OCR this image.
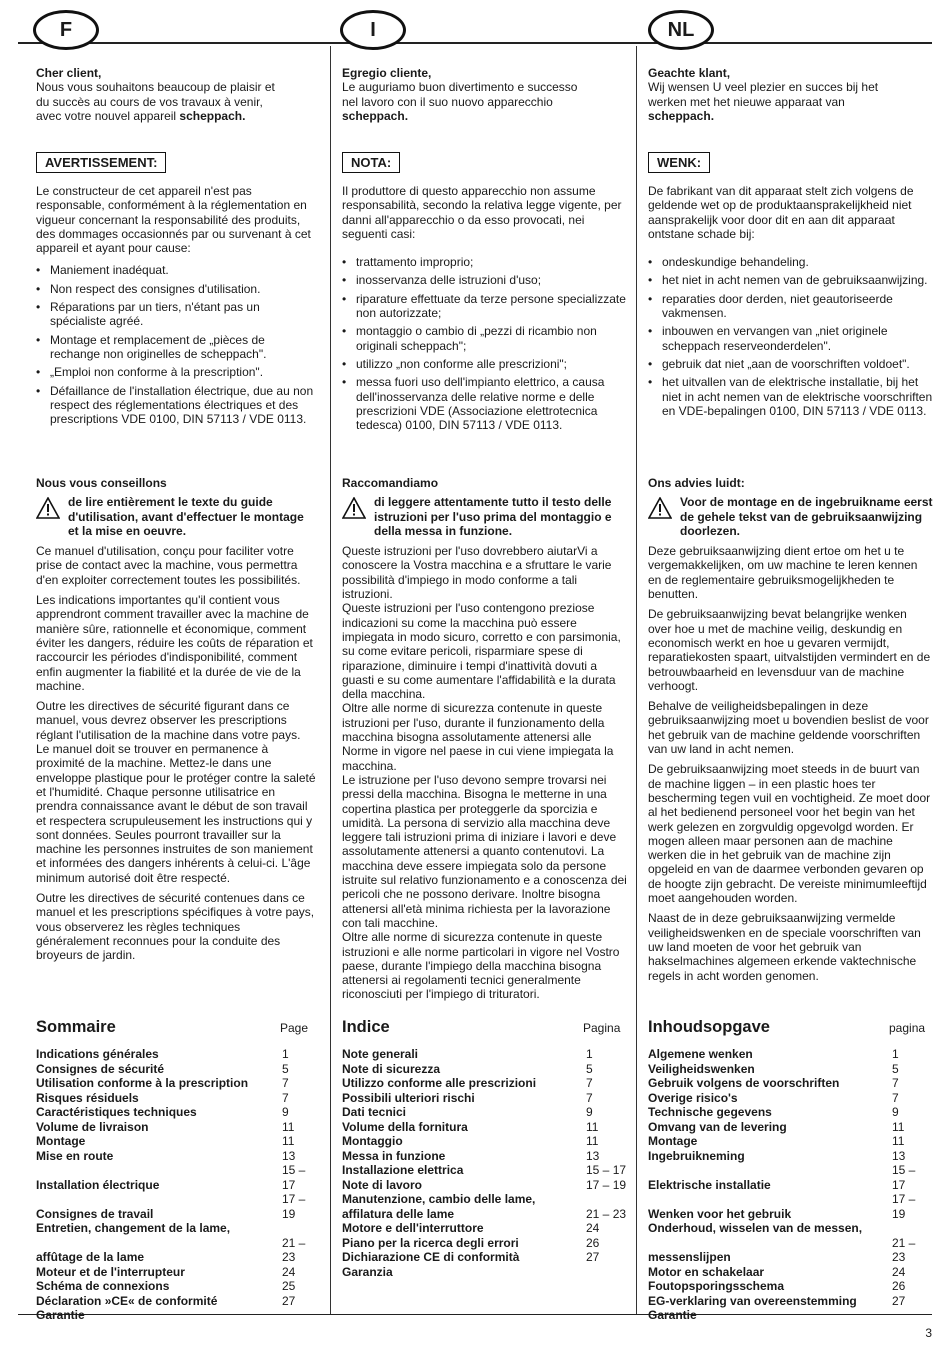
F	I	NL
Cher client,
Nous vous souhaitons beaucoup de plaisir et
du succès au cours de vos travaux à venir,
avec votre nouvel appareil scheppach.
AVERTISSEMENT:

Le constructeur de cet appareil n'est pas responsable, conformément à la réglementation en vigueur concernant la responsabilité des produits, des dommages occasionnés par ou survenant à cet appareil et ayant pour cause:

• Maniement inadéquat.
• Non respect des consignes d'utilisation.
• Réparations par un tiers, n'étant pas un spécialiste agréé.
• Montage et remplacement de „pièces de rechange non originelles de scheppach".
• „Emploi non conforme à la prescription".
• Défaillance de l'installation électrique, due au non respect des réglementations électriques et des prescriptions VDE 0100, DIN 57113 / VDE 0113.
Nous vous conseillons
de lire entièrement le texte du guide d'utilisation, avant d'effectuer le montage et la mise en oeuvre.

Ce manuel d'utilisation, conçu pour faciliter votre prise de contact avec la machine, vous permettra d'en exploiter correctement toutes les possibilités.

Les indications importantes qu'il contient vous apprendront comment travailler avec la machine de manière sûre, rationnelle et économique, comment éviter les dangers, réduire les coûts de réparation et raccourcir les périodes d'indisponibilité, comment enfin augmenter la fiabilité et la durée de vie de la machine.

Outre les directives de sécurité figurant dans ce manuel, vous devrez observer les prescriptions réglant l'utilisation de la machine dans votre pays. Le manuel doit se trouver en permanence à proximité de la machine. Mettez-le dans une enveloppe plastique pour le protéger contre la saleté et l'humidité. Chaque personne utilisatrice en prendra connaissance avant le début de son travail et respectera scrupuleusement les instructions qui y sont données. Seules pourront travailler sur la machine les personnes instruites de son maniement et informées des dangers inhérents à celui-ci. L'âge minimum autorisé doit être respecté.

Outre les directives de sécurité contenues dans ce manuel et les prescriptions spécifiques à votre pays, vous observerez les règles techniques généralement reconnues pour la conduite des broyeurs de jardin.

Sommaire	Page
Indications générales	1
Consignes de sécurité	5
Utilisation conforme à la prescription	7
Risques résiduels	7
Caractéristiques techniques	9
Volume de livraison	11
Montage	11
Mise en route	13
Installation électrique	15 – 17
Consignes de travail	17 – 19
Entretien, changement de la lame,	
affûtage de la lame	21 – 23
Moteur et de l'interrupteur	24
Schéma de connexions	25
Déclaration »CE« de conformité	27
Garantie	
Egregio cliente,
Le auguriamo buon divertimento e successo
nel lavoro con il suo nuovo apparecchio
scheppach.
NOTA:

Il produttore di questo apparecchio non assume responsabilità, secondo la relativa legge vigente, per danni all'apparecchio o da esso provocati, nei seguenti casi:

• trattamento improprio;
• inosservanza delle istruzioni d'uso;
• riparature effettuate da terze persone specializzate non autorizzate;
• montaggio o cambio di „pezzi di ricambio non originali scheppach";
• utilizzo „non conforme alle prescrizioni";
• messa fuori uso dell'impianto elettrico, a causa dell'inosservanza delle relative norme e delle prescrizioni VDE (Associazione elettrotecnica tedesca) 0100, DIN 57113 / VDE 0113.
Raccomandiamo
di leggere attentamente tutto il testo delle istruzioni per l'uso prima del montaggio e della messa in funzione.

Queste istruzioni per l'uso dovrebbero aiutarVi a conoscere la Vostra macchina e a sfruttare le varie possibilità d'impiego in modo conforme a tali istruzioni.

Queste istruzioni per l'uso contengono preziose indicazioni su come la macchina può essere impiegata in modo sicuro, corretto e con parsimonia, su come evitare pericoli, risparmiare spese di riparazione, diminuire i tempi d'inattività dovuti a guasti e su come aumentare l'affidabilità e la durata della macchina.

Oltre alle norme di sicurezza contenute in queste istruzioni per l'uso, durante il funzionamento della macchina bisogna assolutamente attenersi alle Norme in vigore nel paese in cui viene impiegata la macchina.

Le istruzione per l'uso devono sempre trovarsi nei pressi della macchina. Bisogna le metterne in una copertina plastica per proteggerle da sporcizia e umidità. La persona di servizio alla macchina deve leggere tali istruzioni prima di iniziare i lavori e deve assolutamente attenersi a quanto contenutovi. La macchina deve essere impiegata solo da persone istruite sul relativo funzionamento e a conoscenza dei pericoli che ne possono derivare. Inoltre bisogna attenersi all'età minima richiesta per la lavorazione con tali macchine.

Oltre alle norme di sicurezza contenute in queste istruzioni e alle norme particolari in vigore nel Vostro paese, durante l'impiego della macchina bisogna attenersi ai regolamenti tecnici generalmente riconosciuti per l'impiego di trituratori.

Indice	Pagina
Note generali	1
Note di sicurezza	5
Utilizzo conforme alle prescrizioni	7
Possibili ulteriori rischi	7
Dati tecnici	9
Volume della fornitura	11
Montaggio	11
Messa in funzione	13
Installazione elettrica	15 – 17
Note di lavoro	17 – 19
Manutenzione, cambio delle lame,	
affilatura delle lame	21 – 23
Motore e dell'interruttore	24
Piano per la ricerca degli errori	26
Dichiarazione CE di conformità	27
Garanzia	
Geachte klant,
Wij wensen U veel plezier en succes bij het
werken met het nieuwe apparaat van
scheppach.
WENK:

De fabrikant van dit apparaat stelt zich volgens de geldende wet op de produktaansprakelijkheid niet aansprakelijk voor door dit en aan dit apparaat ontstane schade bij:

• ondeskundige behandeling.
• het niet in acht nemen van de gebruiksaanwijzing.
• reparaties door derden, niet geautoriseerde vakmensen.
• inbouwen en vervangen van „niet originele scheppach reserveonderdelen".
• gebruik dat niet „aan de voorschriften voldoet".
• het uitvallen van de elektrische installatie, bij het niet in acht nemen van de elektrische voorschriften en VDE-bepalingen 0100, DIN 57113 / VDE 0113.
Ons advies luidt:
Voor de montage en de ingebruikname eerst de gehele tekst van de gebruiksaanwijzing doorlezen.

Deze gebruiksaanwijzing dient ertoe om het u te vergemakkelijken, om uw machine te leren kennen en de reglementaire gebruiksmogelijkheden te benutten.

De gebruiksaanwijzing bevat belangrijke wenken over hoe u met de machine veilig, deskundig en economisch werkt en hoe u gevaren vermijdt, reparatiekosten spaart, uitvalstijden vermindert en de betrouwbaarheid en levensduur van de machine verhoogt.

Behalve de veiligheidsbepalingen in deze gebruiksaanwijzing moet u bovendien beslist de voor het gebruik van de machine geldende voorschriften van uw land in acht nemen.

De gebruiksaanwijzing moet steeds in de buurt van de machine liggen – in een plastic hoes ter bescherming tegen vuil en vochtigheid. Ze moet door al het bedienend personeel voor het begin van het werk gelezen en zorgvuldig opgevolgd worden. Er mogen alleen maar personen aan de machine werken die in het gebruik van de machine zijn opgeleid en van de daarmee verbonden gevaren op de hoogte zijn gebracht. De vereiste minimumleeftijd moet aangehouden worden.

Naast de in deze gebruiksaanwijzing vermelde veiligheidswenken en de speciale voorschriften van uw land moeten de voor het gebruik van hakselmachines algemeen erkende vaktechnische regels in acht worden genomen.

Inhoudsopgave	pagina
Algemene wenken	1
Veiligheidswenken	5
Gebruik volgens de voorschriften	7
Overige risico's	7
Technische gegevens	9
Omvang van de levering	11
Montage	11
Ingebruikneming	13
Elektrische installatie	15 – 17
Wenken voor het gebruik	17 – 19
Onderhoud, wisselen van de messen,	
messenslijpen	21 – 23
Motor en schakelaar	24
Foutopsporingsschema	26
EG-verklaring van overeenstemming	27
Garantie	
3
